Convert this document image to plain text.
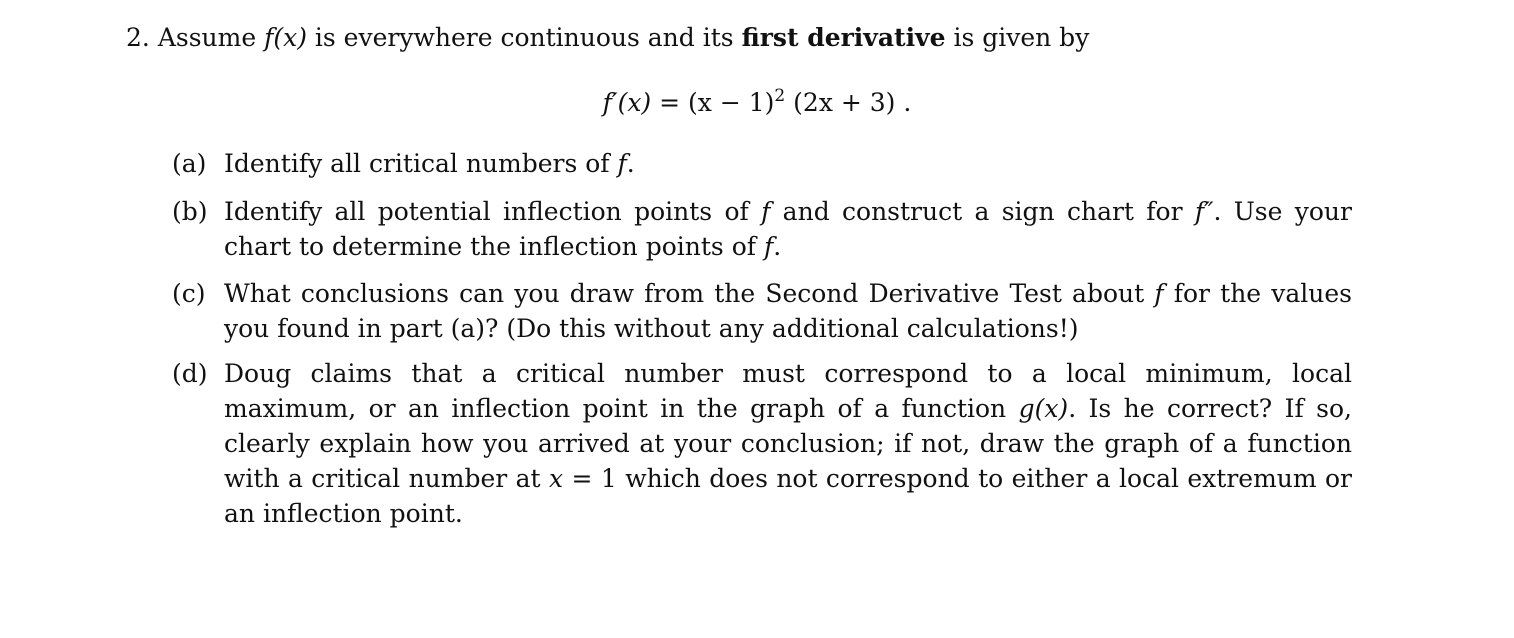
2. Assume f(x) is everywhere continuous and its first derivative is given by
$f'(x) = (x - 1)^2$ (2x + 3) .
(a) Identify all critical numbers of f.
(b) Identify all potential inflection points of f and construct a sign chart for f″. Use your chart to determine the inflection points of f.
(c) What conclusions can you draw from the Second Derivative Test about f for the values you found in part (a)? (Do this without any additional calculations!)
(d) Doug claims that a critical number must correspond to a local minimum, local maximum, or an inflection point in the graph of a function g(x). Is he correct? If so, clearly explain how you arrived at your conclusion; if not, draw the graph of a function with a critical number at x = 1 which does not correspond to either a local extremum or an inflection point.
